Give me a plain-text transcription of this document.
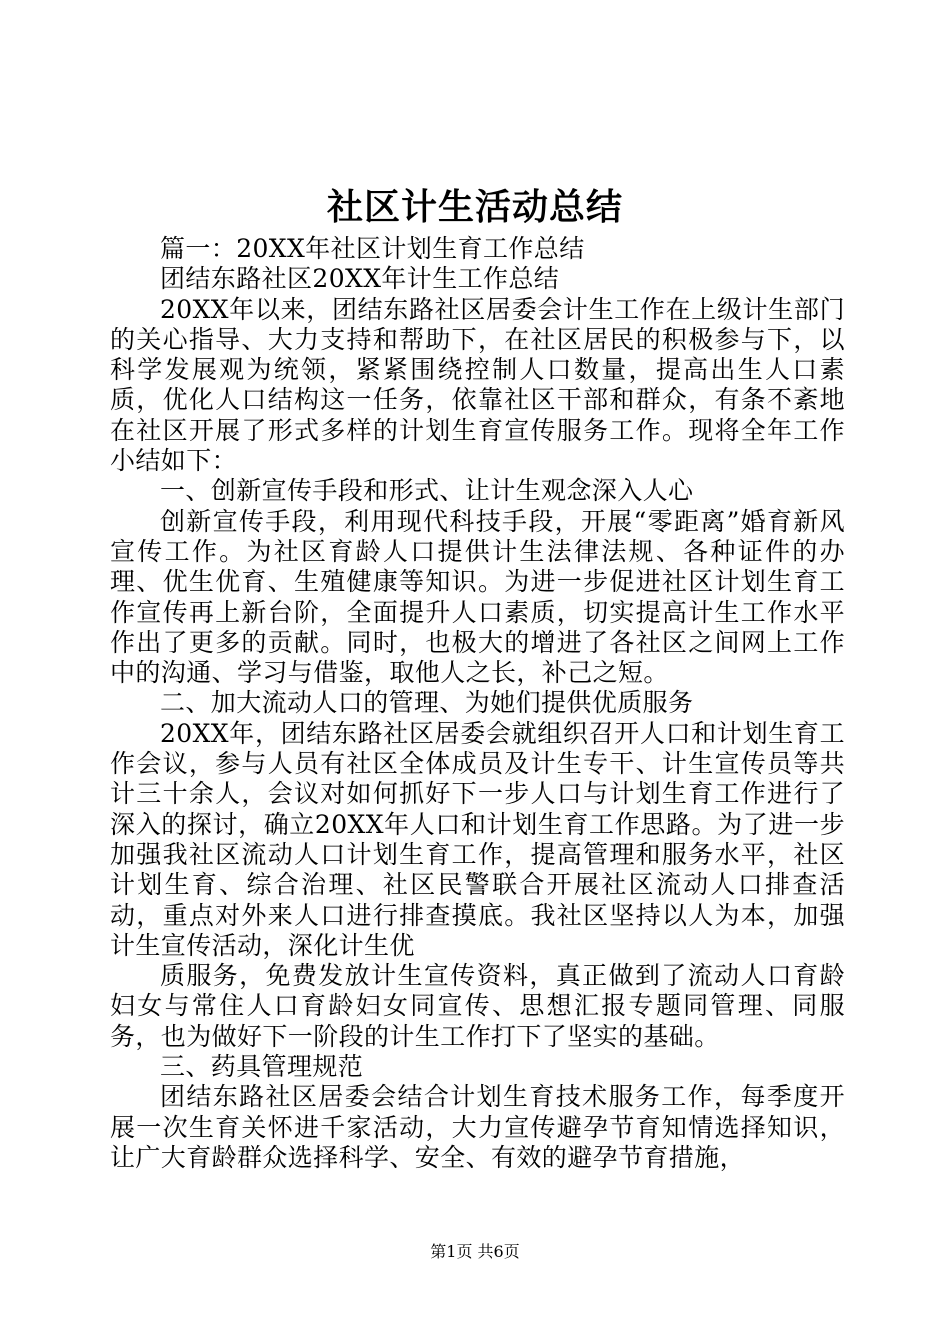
社区计生活动总结

篇一：20XX年社区计划生育工作总结

团结东路社区20XX年计生工作总结

20XX年以来，团结东路社区居委会计生工作在上级计生部门的关心指导、大力支持和帮助下，在社区居民的积极参与下，以科学发展观为统领，紧紧围绕控制人口数量，提高出生人口素质，优化人口结构这一任务，依靠社区干部和群众，有条不紊地在社区开展了形式多样的计划生育宣传服务工作。现将全年工作小结如下：

一、创新宣传手段和形式、让计生观念深入人心

创新宣传手段，利用现代科技手段，开展“零距离”婚育新风宣传工作。为社区育龄人口提供计生法律法规、各种证件的办理、优生优育、生殖健康等知识。为进一步促进社区计划生育工作宣传再上新台阶，全面提升人口素质，切实提高计生工作水平作出了更多的贡献。同时，也极大的增进了各社区之间网上工作中的沟通、学习与借鉴，取他人之长，补己之短。

二、加大流动人口的管理、为她们提供优质服务

20XX年，团结东路社区居委会就组织召开人口和计划生育工作会议，参与人员有社区全体成员及计生专干、计生宣传员等共计三十余人，会议对如何抓好下一步人口与计划生育工作进行了深入的探讨，确立20XX年人口和计划生育工作思路。为了进一步加强我社区流动人口计划生育工作，提高管理和服务水平，社区计划生育、综合治理、社区民警联合开展社区流动人口排查活动，重点对外来人口进行排查摸底。我社区坚持以人为本，加强计生宣传活动，深化计生优

质服务，免费发放计生宣传资料，真正做到了流动人口育龄妇女与常住人口育龄妇女同宣传、思想汇报专题同管理、同服务，也为做好下一阶段的计生工作打下了坚实的基础。

三、药具管理规范

团结东路社区居委会结合计划生育技术服务工作，每季度开展一次生育关怀进千家活动，大力宣传避孕节育知情选择知识，让广大育龄群众选择科学、安全、有效的避孕节育措施，

第1页 共6页
